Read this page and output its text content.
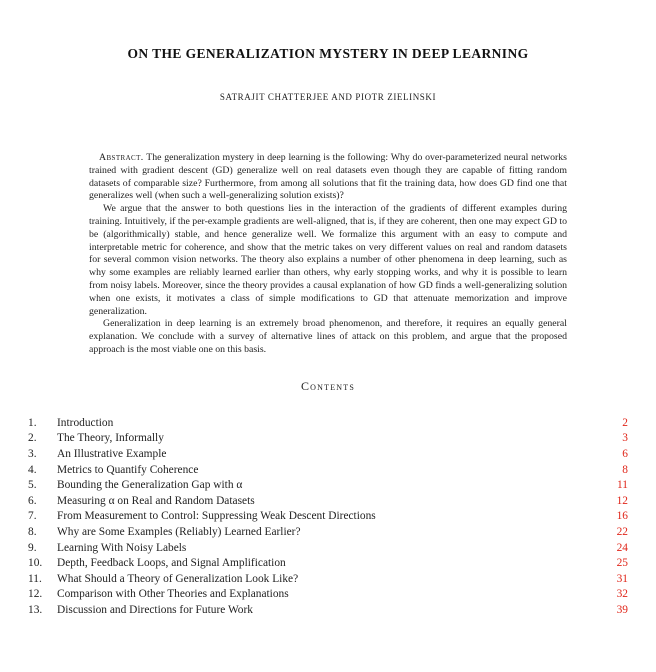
ON THE GENERALIZATION MYSTERY IN DEEP LEARNING
SATRAJIT CHATTERJEE AND PIOTR ZIELINSKI

Abstract. The generalization mystery in deep learning is the following: Why do over-parameterized neural networks trained with gradient descent (GD) generalize well on real datasets even though they are capable of fitting random datasets of comparable size? Furthermore, from among all solutions that fit the training data, how does GD find one that generalizes well (when such a well-generalizing solution exists)?

We argue that the answer to both questions lies in the interaction of the gradients of different examples during training. Intuitively, if the per-example gradients are well-aligned, that is, if they are coherent, then one may expect GD to be (algorithmically) stable, and hence generalize well. We formalize this argument with an easy to compute and interpretable metric for coherence, and show that the metric takes on very different values on real and random datasets for several common vision networks. The theory also explains a number of other phenomena in deep learning, such as why some examples are reliably learned earlier than others, why early stopping works, and why it is possible to learn from noisy labels. Moreover, since the theory provides a causal explanation of how GD finds a well-generalizing solution when one exists, it motivates a class of simple modifications to GD that attenuate memorization and improve generalization.

Generalization in deep learning is an extremely broad phenomenon, and therefore, it requires an equally general explanation. We conclude with a survey of alternative lines of attack on this problem, and argue that the proposed approach is the most viable one on this basis.

Contents
1.	Introduction	2
2.	The Theory, Informally	3
3.	An Illustrative Example	6
4.	Metrics to Quantify Coherence	8
5.	Bounding the Generalization Gap with α	11
6.	Measuring α on Real and Random Datasets	12
7.	From Measurement to Control: Suppressing Weak Descent Directions	16
8.	Why are Some Examples (Reliably) Learned Earlier?	22
9.	Learning With Noisy Labels	24
10.	Depth, Feedback Loops, and Signal Amplification	25
11.	What Should a Theory of Generalization Look Like?	31
12.	Comparison with Other Theories and Explanations	32
13.	Discussion and Directions for Future Work	39
